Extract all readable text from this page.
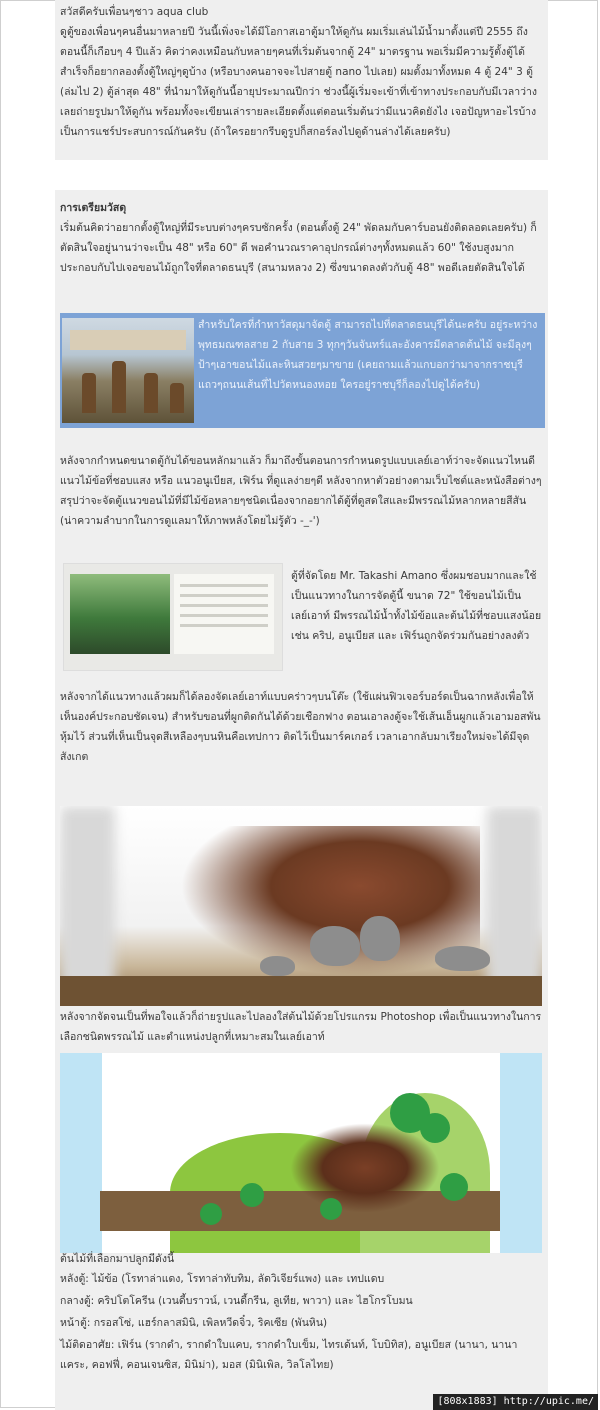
สวัสดีครับเพื่อนๆชาว aqua club
ดูตู้ของเพื่อนๆคนอื่นมาหลายปี วันนี้เพิ่งจะได้มีโอกาสเอาตู้มาให้ดูกัน ผมเริ่มเล่นไม้น้ำมาตั้งแต่ปี 2555 ถึงตอนนี้ก็เกือบๆ 4 ปีแล้ว คิดว่าคงเหมือนกับหลายๆคนที่เริ่มต้นจากตู้ 24" มาตรฐาน พอเริ่มมีความรู้ตั้งตู้ได้สำเร็จก็อยากลองตั้งตู้ใหญ่ๆดูบ้าง (หรือบางคนอาจจะไปสายตู้ nano ไปเลย) ผมตั้งมาทั้งหมด 4 ตู้ 24" 3 ตู้ (ล่มไป 2) ตู้ล่าสุด 48" ที่นำมาให้ดูกันนี้อายุประมาณปีกว่า ช่วงนี้ผู้เริ่มจะเข้าที่เข้าทางประกอบกับมีเวลาว่างเลยถ่ายรูปมาให้ดูกัน พร้อมทั้งจะเขียนเล่ารายละเอียดตั้งแต่ตอนเริ่มต้นว่ามีแนวคิดยังไง เจอปัญหาอะไรบ้าง เป็นการแชร์ประสบการณ์กันครับ (ถ้าใครอยากรีบดูรูปก็สกอร์ลงไปดูด้านล่างได้เลยครับ)
การเตรียมวัสดุ
เริ่มต้นคิดว่าอยากตั้งตู้ใหญ่ที่มีระบบต่างๆครบซักครั้ง (ตอนตั้งตู้ 24" พัดลมกับคาร์บอนยังติดลอดเลยครับ) ก็ตัดสินใจอยู่นานว่าจะเป็น 48" หรือ 60" ดี พอคำนวณราคาอุปกรณ์ต่างๆทั้งหมดแล้ว 60" ใช้งบสูงมาก ประกอบกับไปเจอขอนไม้ถูกใจที่ตลาดธนบุรี (สนามหลวง 2) ซึ่งขนาดลงตัวกับตู้ 48" พอดีเลยตัดสินใจได้
สำหรับใครที่กำหาวัสดุมาจัดตู้ สามารถไปที่ตลาดธนบุรีได้นะครับ อยู่ระหว่างพุทธมณฑลสาย 2 กับสาย 3 ทุกๆวันจันทร์และอังคารมีตลาดต้นไม้ จะมีลุงๆป้าๆเอาขอนไม้และหินสวยๆมาขาย (เคยถามแล้วแกบอกว่ามาจากราชบุรีแถวๆถนนเส้นที่ไปวัดหนองหอย ใครอยู่ราชบุรีก็ลองไปดูได้ครับ)
หลังจากกำหนดขนาดตู้กับได้ขอนหลักมาแล้ว ก็มาถึงขั้นตอนการกำหนดรูปแบบเลย์เอาท์ว่าจะจัดแนวไหนดี แนวไม้ข้อที่ชอบแสง หรือ แนวอนูเบียส, เฟิร์น ที่ดูแลง่ายๆดี หลังจากหาตัวอย่างตามเว็บไซต์และหนังสือต่างๆ สรุปว่าจะจัดตู้แนวขอนไม้ที่มีไม้ข้อหลายๆชนิดเนื่องจากอยากได้ตู้ที่ดูสดใสและมีพรรณไม้หลากหลายสีสัน (น่าความลำบากในการดูแลมาให้ภาพหลังโดยไม่รู้ตัว -_-')
ตู้ที่จัดโดย Mr. Takashi Amano ซึ่งผมชอบมากและใช้เป็นแนวทางในการจัดตู้นี้ ขนาด 72" ใช้ขอนไม้เป็นเลย์เอาท์ มีพรรณไม้น้ำทั้งไม้ข้อและต้นไม้ที่ชอบแสงน้อย เช่น คริป, อนูเบียส และ เฟิร์นถูกจัดร่วมกันอย่างลงตัว
หลังจากได้แนวทางแล้วผมก็ได้ลองจัดเลย์เอาท์แบบคร่าวๆบนโต๊ะ (ใช้แผ่นฟิวเจอร์บอร์ดเป็นฉากหลังเพื่อให้เห็นองค์ประกอบชัดเจน) สำหรับขอนที่ผูกติดกันได้ด้วยเชือกฟาง ตอนเอาลงตู้จะใช้เส้นเอ็นผูกแล้วเอามอสพันหุ้มไว้ ส่วนที่เห็นเป็นจุดสีเหลืองๆบนหินคือเทปกาว ติดไว้เป็นมาร์คเกอร์ เวลาเอากลับมาเรียงใหม่จะได้มีจุดสังเกต
หลังจากจัดจนเป็นที่พอใจแล้วก็ถ่ายรูปและไปลองใส่ต้นไม้ด้วยโปรแกรม Photoshop เพื่อเป็นแนวทางในการเลือกชนิดพรรณไม้ และตำแหน่งปลูกที่เหมาะสมในเลย์เอาท์
ต้นไม้ที่เลือกมาปลูกมีดังนี้
หลังตู้: ไม้ข้อ (โรทาล่าแดง, โรทาล่าทับทิม, ลัดวิเจียร์แพง) และ เทปแดบ
กลางตู้: คริปโตโครีน (เวนดี้บราวน์, เวนดี้กรีน, ลูเทีย, พาวา) และ ไฮโกรโบมน
หน้าตู้: กรอสโซ่, แฮร์กลาสมินิ, เพิลหวีดจิ๋ว, ริคเซีย (พันหิน)
ไม้ติดอาศัย: เฟิร์น (รากดำ, รากดำใบแคบ, รากดำใบเข็ม, ไทรเด้นท์, โบบิทิส), อนูเบียส (นานา, นานาแคระ, คอฟฟี่, คอนเจนซิส, มินิม่า), มอส (มินิเพิล, วิลโลไทย)
[808x1883] http://upic.me/
